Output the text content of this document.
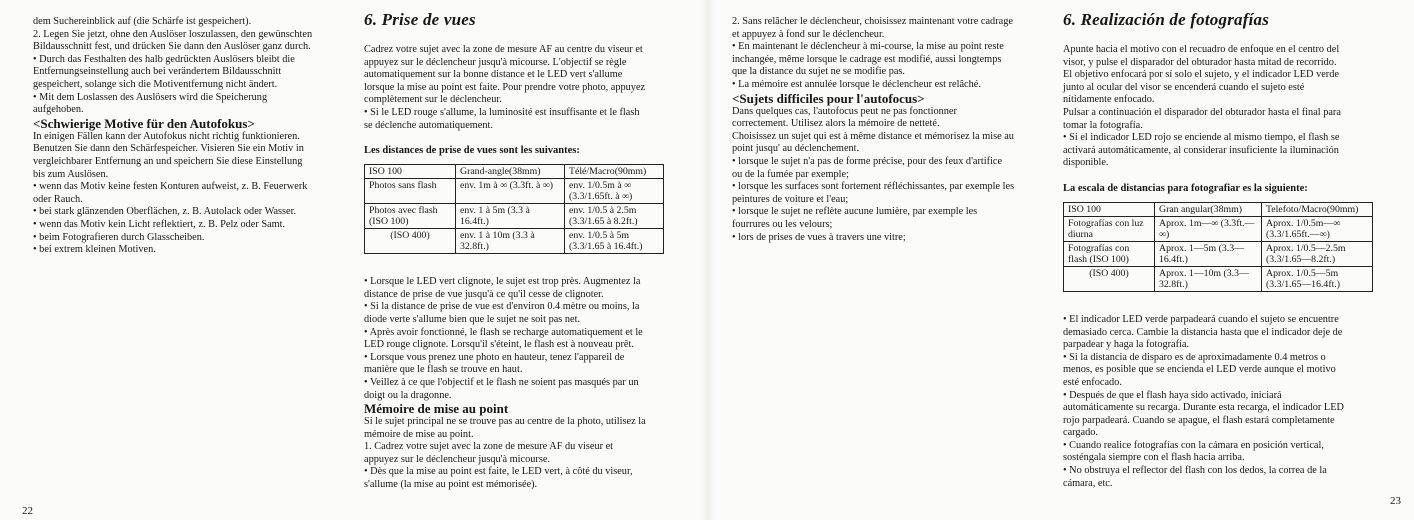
dem Suchereinblick auf (die Schärfe ist gespeichert).

2. Legen Sie jetzt, ohne den Auslöser loszulassen, den gewünschten

Bildausschnitt fest, und drücken Sie dann den Auslöser ganz durch.

• Durch das Festhalten des halb gedrückten Auslösers bleibt die

Entfernungseinstellung auch bei verändertem Bildausschnitt

gespeichert, solange sich die Motiventfernung nicht ändert.

• Mit dem Loslassen des Auslösers wird die Speicherung

aufgehoben.

<Schwierige Motive für den Autofokus>

In einigen Fällen kann der Autofokus nicht richtig funktionieren.

Benutzen Sie dann den Schärfespeicher. Visieren Sie ein Motiv in

vergleichbarer Entfernung an und speichern Sie diese Einstellung

bis zum Auslösen.

• wenn das Motiv keine festen Konturen aufweist, z. B. Feuerwerk

oder Rauch.

• bei stark glänzenden Oberflächen, z. B. Autolack oder Wasser.

• wenn das Motiv kein Licht reflektiert, z. B. Pelz oder Samt.

• beim Fotografieren durch Glasscheiben.

• bei extrem kleinen Motiven.

6. Prise de vues

Cadrez votre sujet avec la zone de mesure AF au centre du viseur et

appuyez sur le déclencheur jusqu'à micourse. L'objectif se règle

automatiquement sur la bonne distance et le LED vert s'allume

lorsque la mise au point est faite. Pour prendre votre photo, appuyez

complètement sur le déclencheur.

• Si le LED rouge s'allume, la luminosité est insuffisante et le flash

se déclenche automatiquement.

Les distances de prise de vues sont les suivantes:

ISO 100	Grand-angle(38mm)	Télé/Macro(90mm)
Photos sans flash	env. 1m à ∞ (3.3ft. à ∞)	env. 1/0.5m à ∞ (3.3/1.65ft. à ∞)
Photos avec flash (ISO 100)	env. 1 à 5m (3.3 à 16.4ft.)	env. 1/0.5 à 2.5m (3.3/1.65 à 8.2ft.)
(ISO 400)	env. 1 à 10m (3.3 à 32.8ft.)	env. 1/0.5 à 5m (3.3/1.65 à 16.4ft.)

• Lorsque le LED vert clignote, le sujet est trop près. Augmentez la

distance de prise de vue jusqu'à ce qu'il cesse de clignoter.

• Si la distance de prise de vue est d'environ 0.4 mètre ou moins, la

diode verte s'allume bien que le sujet ne soit pas net.

• Après avoir fonctionné, le flash se recharge automatiquement et le

LED rouge clignote. Lorsqu'il s'éteint, le flash est à nouveau prêt.

• Lorsque vous prenez une photo en hauteur, tenez l'appareil de

manière que le flash se trouve en haut.

• Veillez à ce que l'objectif et le flash ne soient pas masqués par un

doigt ou la dragonne.

Mémoire de mise au point

Si le sujet principal ne se trouve pas au centre de la photo, utilisez la

mémoire de mise au point.

1. Cadrez votre sujet avec la zone de mesure AF du viseur et

appuyez sur le déclencheur jusqu'à micourse.

• Dès que la mise au point est faite, le LED vert, à côté du viseur,

s'allume (la mise au point est mémorisée).

2. Sans relâcher le déclencheur, choisissez maintenant votre cadrage

et appuyez à fond sur le déclencheur.

• En maintenant le déclencheur à mi-course, la mise au point reste

inchangée, même lorsque le cadrage est modifié, aussi longtemps

que la distance du sujet ne se modifie pas.

• La mémoire est annulée lorsque le déclencheur est relâché.

<Sujets difficiles pour l'autofocus>

Dans quelques cas, l'autofocus peut ne pas fonctionner

correctement. Utilisez alors la mémoire de netteté.

Choisissez un sujet qui est à même distance et mémorisez la mise au

point jusqu' au déclenchement.

• lorsque le sujet n'a pas de forme précise, pour des feux d'artifice

ou de la fumée par exemple;

• lorsque les surfaces sont fortement réfléchissantes, par exemple les

peintures de voiture et l'eau;

• lorsque le sujet ne reflète aucune lumière, par exemple les

fourrures ou les velours;

• lors de prises de vues à travers une vitre;

6. Realización de fotografías

Apunte hacia el motivo con el recuadro de enfoque en el centro del

visor, y pulse el disparador del obturador hasta mitad de recorrido.

El objetivo enfocará por sí solo el sujeto, y el indicador LED verde

junto al ocular del visor se encenderá cuando el sujeto esté

nítidamente enfocado.

Pulsar a continuación el disparador del obturador hasta el final para

tomar la fotografía.

• Si el indicador LED rojo se enciende al mismo tiempo, el flash se

activará automáticamente, al considerar insuficiente la iluminación

disponible.

La escala de distancias para fotografiar es la siguiente:

ISO 100	Gran angular(38mm)	Telefoto/Macro(90mm)
Fotografías con luz diurna	Aprox. 1m—∞ (3.3ft.—∞)	Aprox. 1/0.5m—∞ (3.3/1.65ft.—∞)
Fotografías con flash (ISO 100)	Aprox. 1—5m (3.3—16.4ft.)	Aprox. 1/0.5—2.5m (3.3/1.65—8.2ft.)
(ISO 400)	Aprox. 1—10m (3.3—32.8ft.)	Aprox. 1/0.5—5m (3.3/1.65—16.4ft.)

• El indicador LED verde parpadeará cuando el sujeto se encuentre

demasiado cerca. Cambie la distancia hasta que el indicador deje de

parpadear y haga la fotografía.

• Si la distancia de disparo es de aproximadamente 0.4 metros o

menos, es posible que se encienda el LED verde aunque el motivo

esté enfocado.

• Después de que el flash haya sido activado, iniciará

automáticamente su recarga. Durante esta recarga, el indicador LED

rojo parpadeará. Cuando se apague, el flash estará completamente

cargado.

• Cuando realice fotografías con la cámara en posición vertical,

sosténgala siempre con el flash hacia arriba.

• No obstruya el reflector del flash con los dedos, la correa de la

cámara, etc.

22
23
